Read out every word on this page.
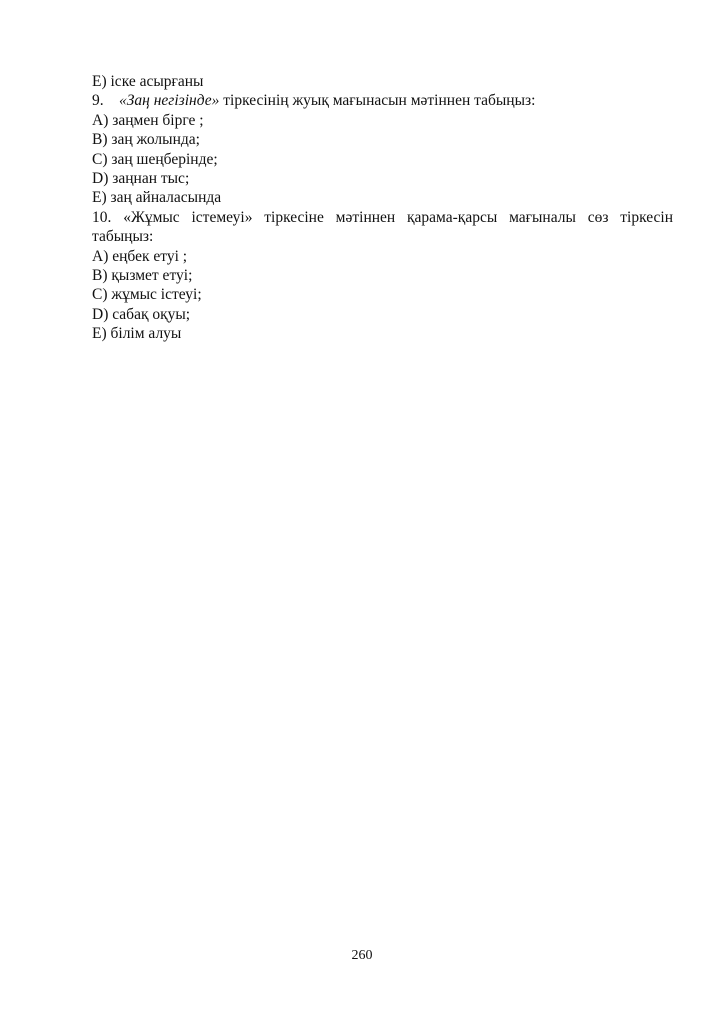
E) іске асырғаны
9. «Заң негізінде» тіркесінің жуық мағынасын мәтіннен табыңыз:
A) заңмен бірге ;
B) заң жолында;
C) заң шеңберінде;
D) заңнан тыс;
E) заң айналасында
10. «Жұмыс істемеуі» тіркесіне мәтіннен қарама-қарсы мағыналы сөз тіркесін
табыңыз:
A) еңбек етуі ;
B) қызмет етуі;
C) жұмыс істеуі;
D) сабақ оқуы;
E) білім алуы
260
